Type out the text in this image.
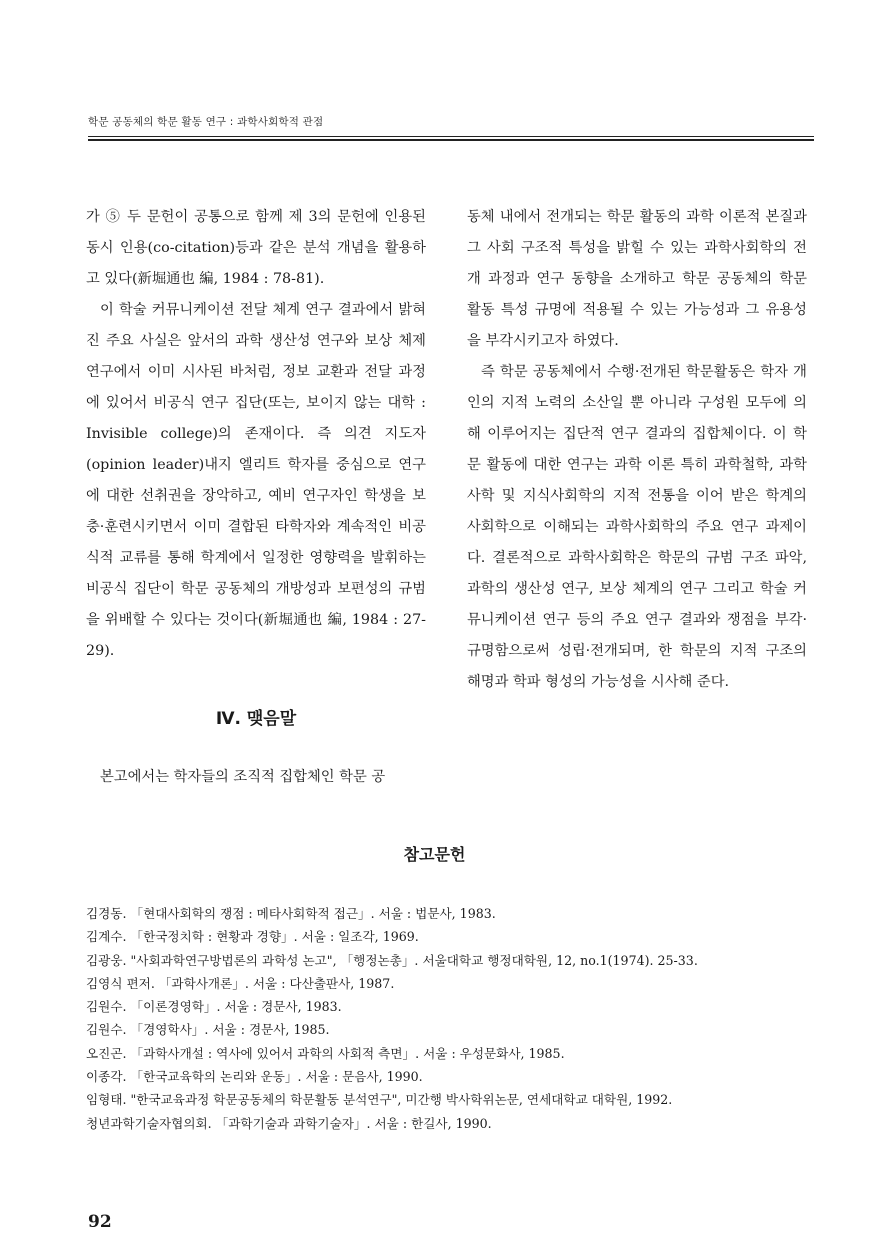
학문 공동체의 학문 활동 연구 : 과학사회학적 관점

가 ⑤ 두 문헌이 공통으로 함께 제 3의 문헌에 인용된 동시 인용(co-citation)등과 같은 분석 개념을 활용하고 있다(新堀通也 編, 1984 : 78-81).

이 학술 커뮤니케이션 전달 체계 연구 결과에서 밝혀진 주요 사실은 앞서의 과학 생산성 연구와 보상 체제 연구에서 이미 시사된 바처럼, 정보 교환과 전달 과정에 있어서 비공식 연구 집단(또는, 보이지 않는 대학 : Invisible college)의 존재이다. 즉 의견 지도자(opinion leader)내지 엘리트 학자를 중심으로 연구에 대한 선취권을 장악하고, 예비 연구자인 학생을 보충·훈련시키면서 이미 결합된 타학자와 계속적인 비공식적 교류를 통해 학계에서 일정한 영향력을 발휘하는 비공식 집단이 학문 공동체의 개방성과 보편성의 규범을 위배할 수 있다는 것이다(新堀通也 編, 1984 : 27-29).

Ⅳ. 맺음말
본고에서는 학자들의 조직적 집합체인 학문 공

동체 내에서 전개되는 학문 활동의 과학 이론적 본질과 그 사회 구조적 특성을 밝힐 수 있는 과학사회학의 전개 과정과 연구 동향을 소개하고 학문 공동체의 학문 활동 특성 규명에 적용될 수 있는 가능성과 그 유용성을 부각시키고자 하였다.

즉 학문 공동체에서 수행·전개된 학문활동은 학자 개인의 지적 노력의 소산일 뿐 아니라 구성원 모두에 의해 이루어지는 집단적 연구 결과의 집합체이다. 이 학문 활동에 대한 연구는 과학 이론 특히 과학철학, 과학사학 및 지식사회학의 지적 전통을 이어 받은 학계의 사회학으로 이해되는 과학사회학의 주요 연구 과제이다. 결론적으로 과학사회학은 학문의 규범 구조 파악, 과학의 생산성 연구, 보상 체계의 연구 그리고 학술 커뮤니케이션 연구 등의 주요 연구 결과와 쟁점을 부각·규명함으로써 성립·전개되며, 한 학문의 지적 구조의 해명과 학파 형성의 가능성을 시사해 준다.

참고문헌
김경동. 「현대사회학의 쟁점 : 메타사회학적 접근」. 서울 : 법문사, 1983.
김계수. 「한국정치학 : 현황과 경향」. 서울 : 일조각, 1969.
김광웅. "사회과학연구방법론의 과학성 논고", 「행정논총」. 서울대학교 행정대학원, 12, no.1(1974). 25-33.
김영식 편저. 「과학사개론」. 서울 : 다산출판사, 1987.
김원수. 「이론경영학」. 서울 : 경문사, 1983.
김원수. 「경영학사」. 서울 : 경문사, 1985.
오진곤. 「과학사개설 : 역사에 있어서 과학의 사회적 측면」. 서울 : 우성문화사, 1985.
이종각. 「한국교육학의 논리와 운동」. 서울 : 문음사, 1990.
임형태. "한국교육과정 학문공동체의 학문활동 분석연구", 미간행 박사학위논문, 연세대학교 대학원, 1992.
청년과학기술자협의회. 「과학기술과 과학기술자」. 서울 : 한길사, 1990.
92
